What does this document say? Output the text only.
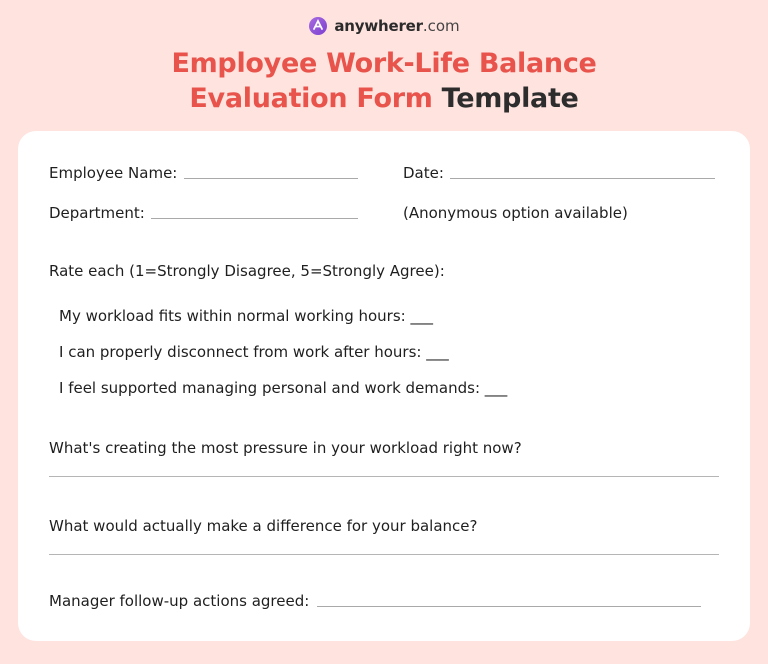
anywherer .com
Employee Work-Life Balance
Evaluation Form Template
Employee Name:	Date:
Department:	(Anonymous option available)
Rate each (1=Strongly Disagree, 5=Strongly Agree):
My workload fits within normal working hours: ___
I can properly disconnect from work after hours: ___
I feel supported managing personal and work demands: ___
What's creating the most pressure in your workload right now?
What would actually make a difference for your balance?
Manager follow-up actions agreed:
